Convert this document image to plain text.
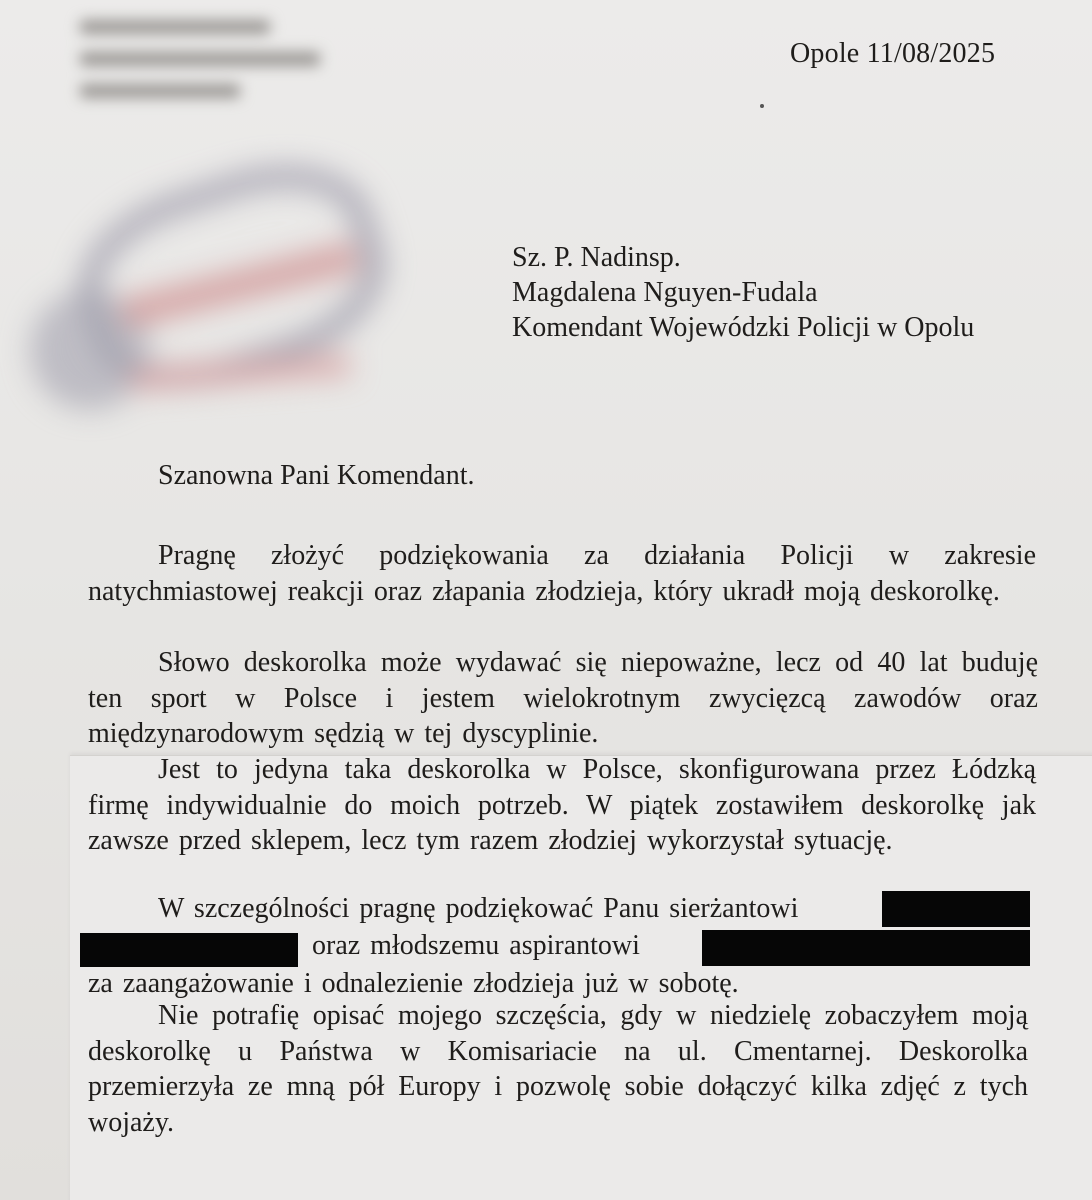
Opole 11/08/2025
Sz. P. Nadinsp.
Magdalena Nguyen-Fudala
Komendant Wojewódzki Policji w Opolu
Szanowna Pani Komendant.

Pragnę złożyć podziękowania za działania Policji w zakresie natychmiastowej reakcji oraz złapania złodzieja, który ukradł moją deskorolkę.

Słowo deskorolka może wydawać się niepoważne, lecz od 40 lat buduję ten sport w Polsce i jestem wielokrotnym zwycięzcą zawodów oraz międzynarodowym sędzią w tej dyscyplinie.

Jest to jedyna taka deskorolka w Polsce, skonfigurowana przez Łódzką firmę indywidualnie do moich potrzeb. W piątek zostawiłem deskorolkę jak zawsze przed sklepem, lecz tym razem złodziej wykorzystał sytuację.

W szczególności pragnę podziękować Panu sierżantowi
oraz młodszemu aspirantowi
za zaangażowanie i odnalezienie złodzieja już w sobotę.

Nie potrafię opisać mojego szczęścia, gdy w niedzielę zobaczyłem moją deskorolkę u Państwa w Komisariacie na ul. Cmentarnej. Deskorolka przemierzyła ze mną pół Europy i pozwolę sobie dołączyć kilka zdjęć z tych wojaży.
